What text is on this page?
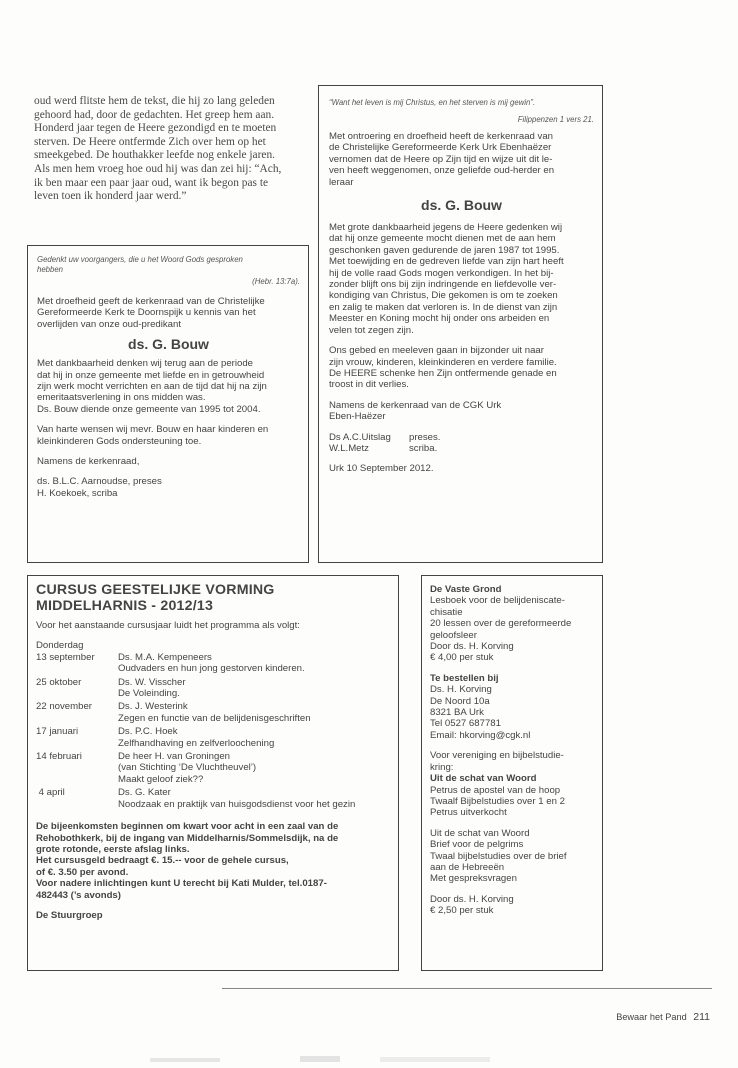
oud werd flitste hem de tekst, die hij zo lang geleden
gehoord had, door de gedachten. Het greep hem aan.
Honderd jaar tegen de Heere gezondigd en te moeten
sterven. De Heere ontfermde Zich over hem op het
smeekgebed. De houthakker leefde nog enkele jaren.
Als men hem vroeg hoe oud hij was dan zei hij: “Ach,
ik ben maar een paar jaar oud, want ik begon pas te
leven toen ik honderd jaar werd.”

Gedenkt uw voorgangers, die u het Woord Gods gesproken
hebben

(Hebr. 13:7a).

Met droefheid geeft de kerkenraad van de Christelijke
Gereformeerde Kerk te Doornspijk u kennis van het
overlijden van onze oud-predikant

ds. G. Bouw

Met dankbaarheid denken wij terug aan de periode
dat hij in onze gemeente met liefde en in getrouwheid
zijn werk mocht verrichten en aan de tijd dat hij na zijn
emeritaatsverlening in ons midden was.
Ds. Bouw diende onze gemeente van 1995 tot 2004.

Van harte wensen wij mevr. Bouw en haar kinderen en
kleinkinderen Gods ondersteuning toe.

Namens de kerkenraad,

ds. B.L.C. Aarnoudse, preses
H. Koekoek, scriba

“Want het leven is mij Christus, en het sterven is mij gewin”.

Filippenzen 1 vers 21.

Met ontroering en droefheid heeft de kerkenraad van
de Christelijke Gereformeerde Kerk Urk Ebenhaëzer
vernomen dat de Heere op Zijn tijd en wijze uit dit le-
ven heeft weggenomen, onze geliefde oud-herder en
leraar

ds. G. Bouw

Met grote dankbaarheid jegens de Heere gedenken wij
dat hij onze gemeente mocht dienen met de aan hem
geschonken gaven gedurende de jaren 1987 tot 1995.
Met toewijding en de gedreven liefde van zijn hart heeft
hij de volle raad Gods mogen verkondigen. In het bij-
zonder blijft ons bij zijn indringende en liefdevolle ver-
kondiging van Christus, Die gekomen is om te zoeken
en zalig te maken dat verloren is. In de dienst van zijn
Meester en Koning mocht hij onder ons arbeiden en
velen tot zegen zijn.

Ons gebed en meeleven gaan in bijzonder uit naar
zijn vrouw, kinderen, kleinkinderen en verdere familie.
De HEERE schenke hen Zijn ontfermende genade en
troost in dit verlies.

Namens de kerkenraad van de CGK Urk
Eben-Haëzer

Ds A.C.Uitslag	preses.
W.L.Metz	scriba.

Urk 10 September 2012.

CURSUS GEESTELIJKE VORMING
MIDDELHARNIS - 2012/13

Voor het aanstaande cursusjaar luidt het programma als volgt:

Donderdag

13 september	Ds. M.A. Kempeneers
Oudvaders en hun jong gestorven kinderen.

25 oktober	Ds. W. Visscher
De Voleinding.

22 november	Ds. J. Westerink
Zegen en functie van de belijdenisgeschriften

17 januari	Ds. P.C. Hoek
Zelfhandhaving en zelfverloochening

14 februari	De heer H. van Groningen
(van Stichting ‘De Vluchtheuvel’)
Maakt geloof ziek??

4 april	Ds. G. Kater
Noodzaak en praktijk van huisgodsdienst voor het gezin

De bijeenkomsten beginnen om kwart voor acht in een zaal van de
Rehobothkerk, bij de ingang van Middelharnis/Sommelsdijk, na de
grote rotonde, eerste afslag links.
Het cursusgeld bedraagt €. 15.-- voor de gehele cursus,
of €. 3.50 per avond.
Voor nadere inlichtingen kunt U terecht bij Kati Mulder, tel.0187-
482443 (’s avonds)

De Stuurgroep

De Vaste Grond

Lesboek voor de belijdeniscate-
chisatie
20 lessen over de gereformeerde
geloofsleer
Door ds. H. Korving
€ 4,00 per stuk

Te bestellen bij

Ds. H. Korving
De Noord 10a
8321 BA Urk
Tel 0527 687781
Email: hkorving@cgk.nl

Voor vereniging en bijbelstudie-
kring:

Uit de schat van Woord

Petrus de apostel van de hoop
Twaalf Bijbelstudies over 1 en 2
Petrus uitverkocht

Uit de schat van Woord
Brief voor de pelgrims
Twaal bijbelstudies over de brief
aan de Hebreeën
Met gespreksvragen

Door ds. H. Korving
€ 2,50 per stuk

Bewaar het Pand 211
